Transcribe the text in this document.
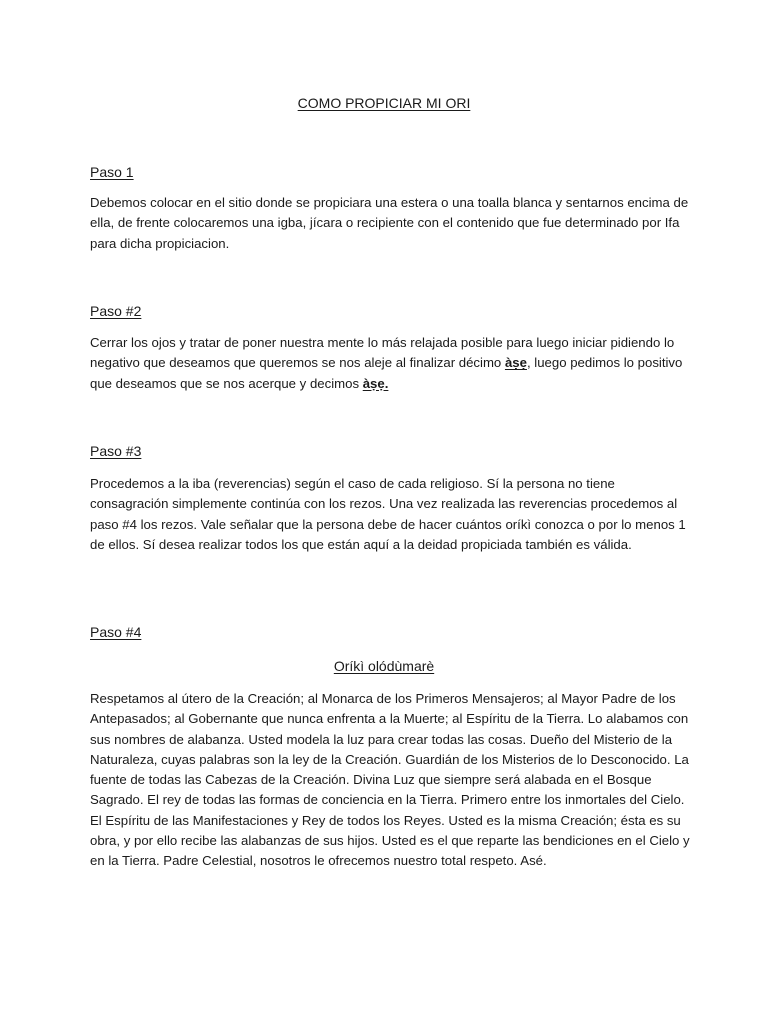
COMO PROPICIAR MI ORI
Paso 1

Debemos colocar en el sitio donde se propiciara una estera o una toalla blanca y sentarnos encima de ella, de frente colocaremos una igba, jícara o recipiente con el contenido que fue determinado por Ifa para dicha propiciacion.

Paso #2

Cerrar los ojos y tratar de poner nuestra mente lo más relajada posible para luego iniciar pidiendo lo negativo que deseamos que queremos se nos aleje al finalizar décimo àṣẹ, luego pedimos lo positivo que deseamos que se nos acerque y decimos àṣẹ.

Paso #3

Procedemos a la iba (reverencias) según el caso de cada religioso. Sí la persona no tiene consagración simplemente continúa con los rezos. Una vez realizada las reverencias procedemos al paso #4 los rezos. Vale señalar que la persona debe de hacer cuántos oríkì conozca o por lo menos 1 de ellos. Sí desea realizar todos los que están aquí a la deidad propiciada también es válida.

Paso #4
Oríkì olódùmarè

Respetamos al útero de la Creación; al Monarca de los Primeros Mensajeros; al Mayor Padre de los Antepasados; al Gobernante que nunca enfrenta a la Muerte; al Espíritu de la Tierra. Lo alabamos con sus nombres de alabanza. Usted modela la luz para crear todas las cosas. Dueño del Misterio de la Naturaleza, cuyas palabras son la ley de la Creación. Guardián de los Misterios de lo Desconocido. La fuente de todas las Cabezas de la Creación. Divina Luz que siempre será alabada en el Bosque Sagrado. El rey de todas las formas de conciencia en la Tierra. Primero entre los inmortales del Cielo. El Espíritu de las Manifestaciones y Rey de todos los Reyes. Usted es la misma Creación; ésta es su obra, y por ello recibe las alabanzas de sus hijos. Usted es el que reparte las bendiciones en el Cielo y en la Tierra. Padre Celestial, nosotros le ofrecemos nuestro total respeto. Asé.
